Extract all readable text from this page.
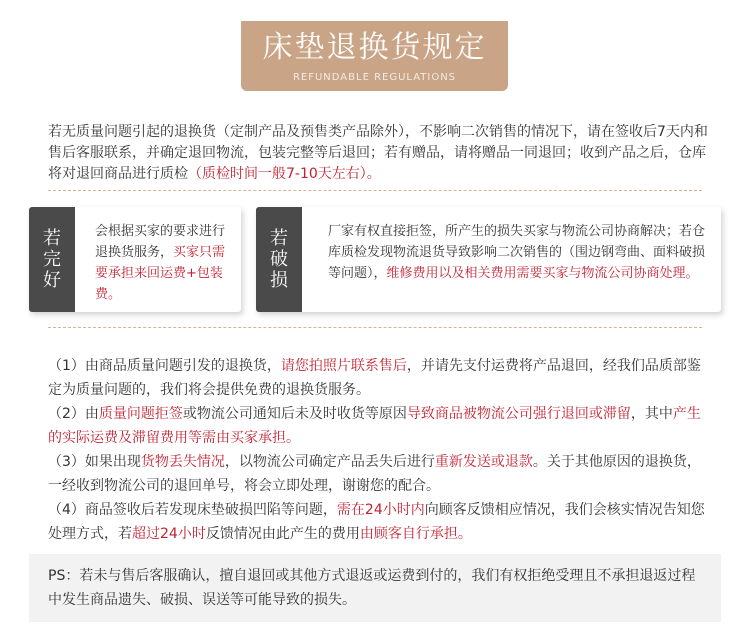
床垫退换货规定
REFUNDABLE REGULATIONS
若无质量问题引起的退换货（定制产品及预售类产品除外），不影响二次销售的情况下，请在签收后7天内和售后客服联系，并确定退回物流，包装完整等后退回；若有赠品，请将赠品一同退回；收到产品之后，仓库将对退回商品进行质检（质检时间一般7-10天左右）。
若完好
会根据买家的要求进行退换货服务，买家只需要承担来回运费+包装费。
若破损
厂家有权直接拒签，所产生的损失买家与物流公司协商解决；若仓库质检发现物流退货导致影响二次销售的（围边钢弯曲、面料破损等问题），维修费用以及相关费用需要买家与物流公司协商处理。

（1）由商品质量问题引发的退换货，请您拍照片联系售后，并请先支付运费将产品退回，经我们品质部鉴定为质量问题的，我们将会提供免费的退换货服务。

（2）由质量问题拒签或物流公司通知后未及时收货等原因导致商品被物流公司强行退回或滞留，其中产生的实际运费及滞留费用等需由买家承担。

（3）如果出现货物丢失情况，以物流公司确定产品丢失后进行重新发送或退款。关于其他原因的退换货，一经收到物流公司的退回单号，将会立即处理，谢谢您的配合。

（4）商品签收后若发现床垫破损凹陷等问题，需在24小时内向顾客反馈相应情况，我们会核实情况告知您处理方式，若超过24小时反馈情况由此产生的费用由顾客自行承担。

PS：若未与售后客服确认，擅自退回或其他方式退返或运费到付的，我们有权拒绝受理且不承担退返过程中发生商品遗失、破损、误送等可能导致的损失。
